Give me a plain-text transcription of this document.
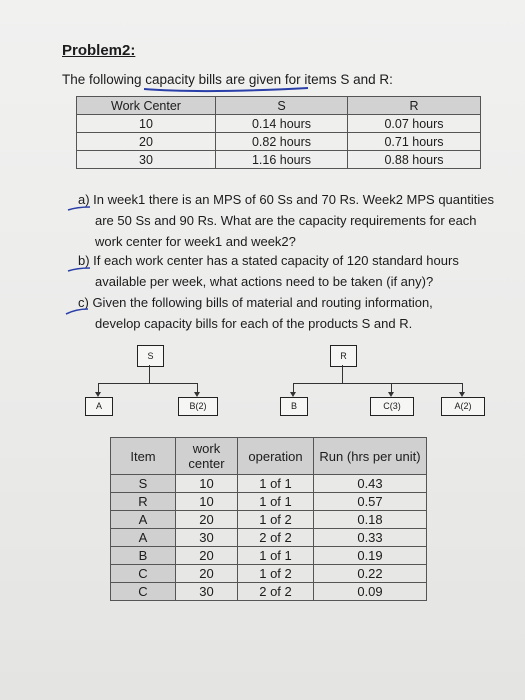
Problem2:
The following capacity bills are given for items S and R:
Work Center	S	R
10	0.14 hours	0.07 hours
20	0.82 hours	0.71 hours
30	1.16 hours	0.88 hours
a) In week1 there is an MPS of 60 Ss and 70 Rs. Week2 MPS quantities
are 50 Ss and 90 Rs. What are the capacity requirements for each
work center for week1 and week2?
b) If each work center has a stated capacity of 120 standard hours
available per week, what actions need to be taken (if any)?
c) Given the following bills of material and routing information,
develop capacity bills for each of the products S and R.
S	R
A	B(2)	B	C(3)	A(2)
Item	work center	operation	Run (hrs per unit)
S	10	1 of 1	0.43
R	10	1 of 1	0.57
A	20	1 of 2	0.18
A	30	2 of 2	0.33
B	20	1 of 1	0.19
C	20	1 of 2	0.22
C	30	2 of 2	0.09
